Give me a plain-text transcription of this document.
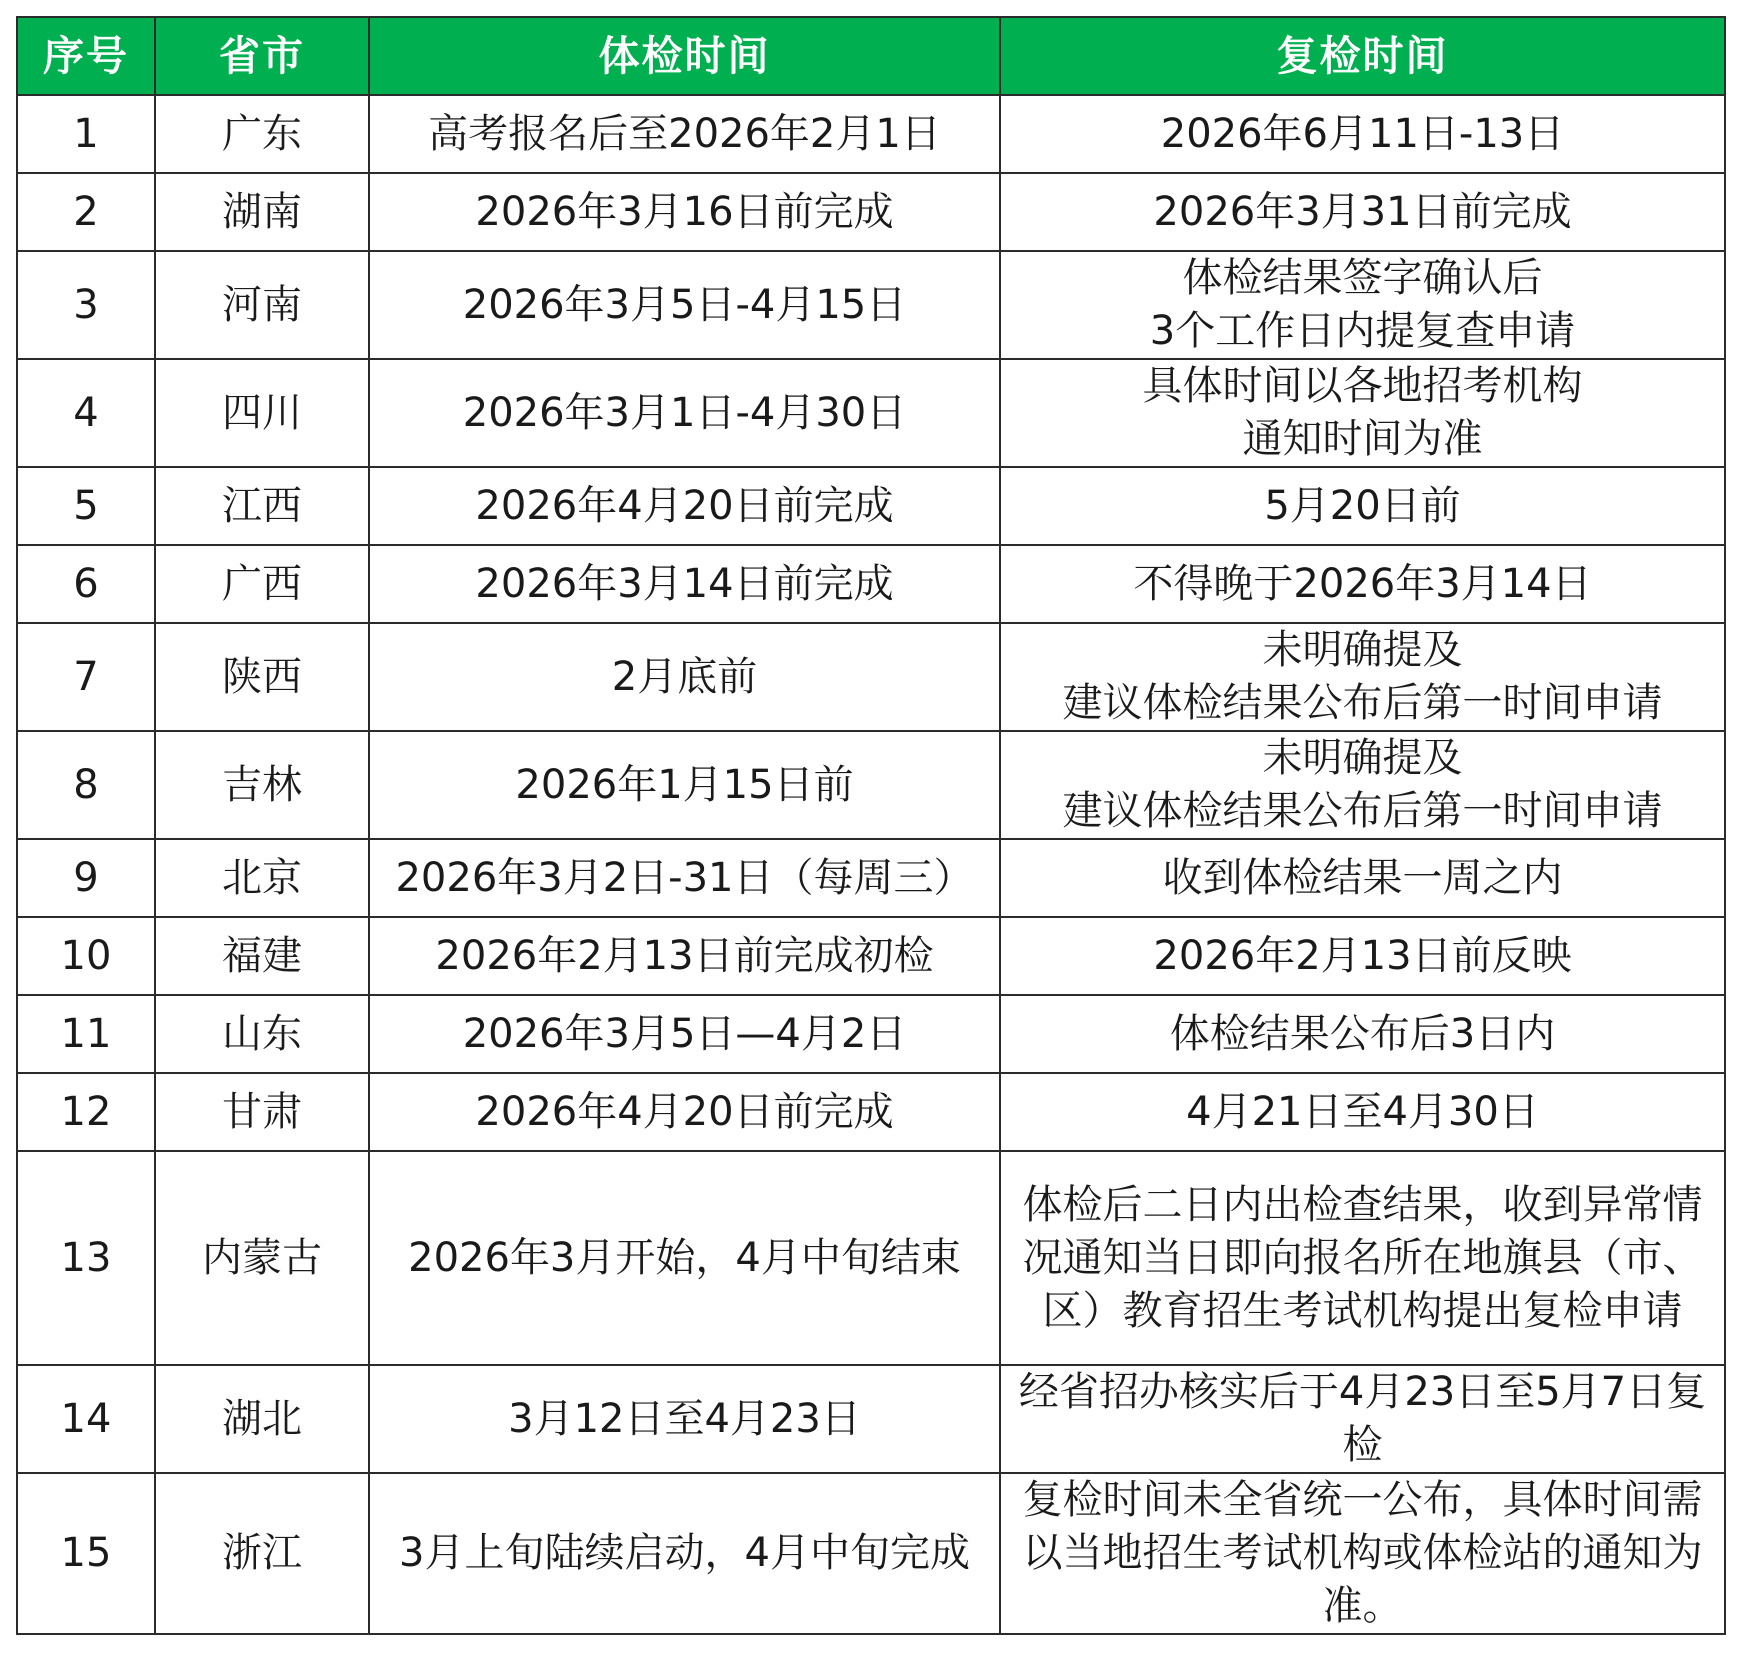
序号	省市	体检时间	复检时间
1	广东	高考报名后至2026年2月1日	2026年6月11日-13日
2	湖南	2026年3月16日前完成	2026年3月31日前完成
3	河南	2026年3月5日-4月15日	体检结果签字确认后
3个工作日内提复查申请
4	四川	2026年3月1日-4月30日	具体时间以各地招考机构
通知时间为准
5	江西	2026年4月20日前完成	5月20日前
6	广西	2026年3月14日前完成	不得晚于2026年3月14日
7	陕西	2月底前	未明确提及
建议体检结果公布后第一时间申请
8	吉林	2026年1月15日前	未明确提及
建议体检结果公布后第一时间申请
9	北京	2026年3月2日-31日（每周三）	收到体检结果一周之内
10	福建	2026年2月13日前完成初检	2026年2月13日前反映
11	山东	2026年3月5日—4月2日	体检结果公布后3日内
12	甘肃	2026年4月20日前完成	4月21日至4月30日
13	内蒙古	2026年3月开始，4月中旬结束	体检后二日内出检查结果，收到异常情况通知当日即向报名所在地旗县（市、区）教育招生考试机构提出复检申请
14	湖北	3月12日至4月23日	经省招办核实后于4月23日至5月7日复检
15	浙江	3月上旬陆续启动，4月中旬完成	复检时间未全省统一公布，具体时间需以当地招生考试机构或体检站的通知为准。
